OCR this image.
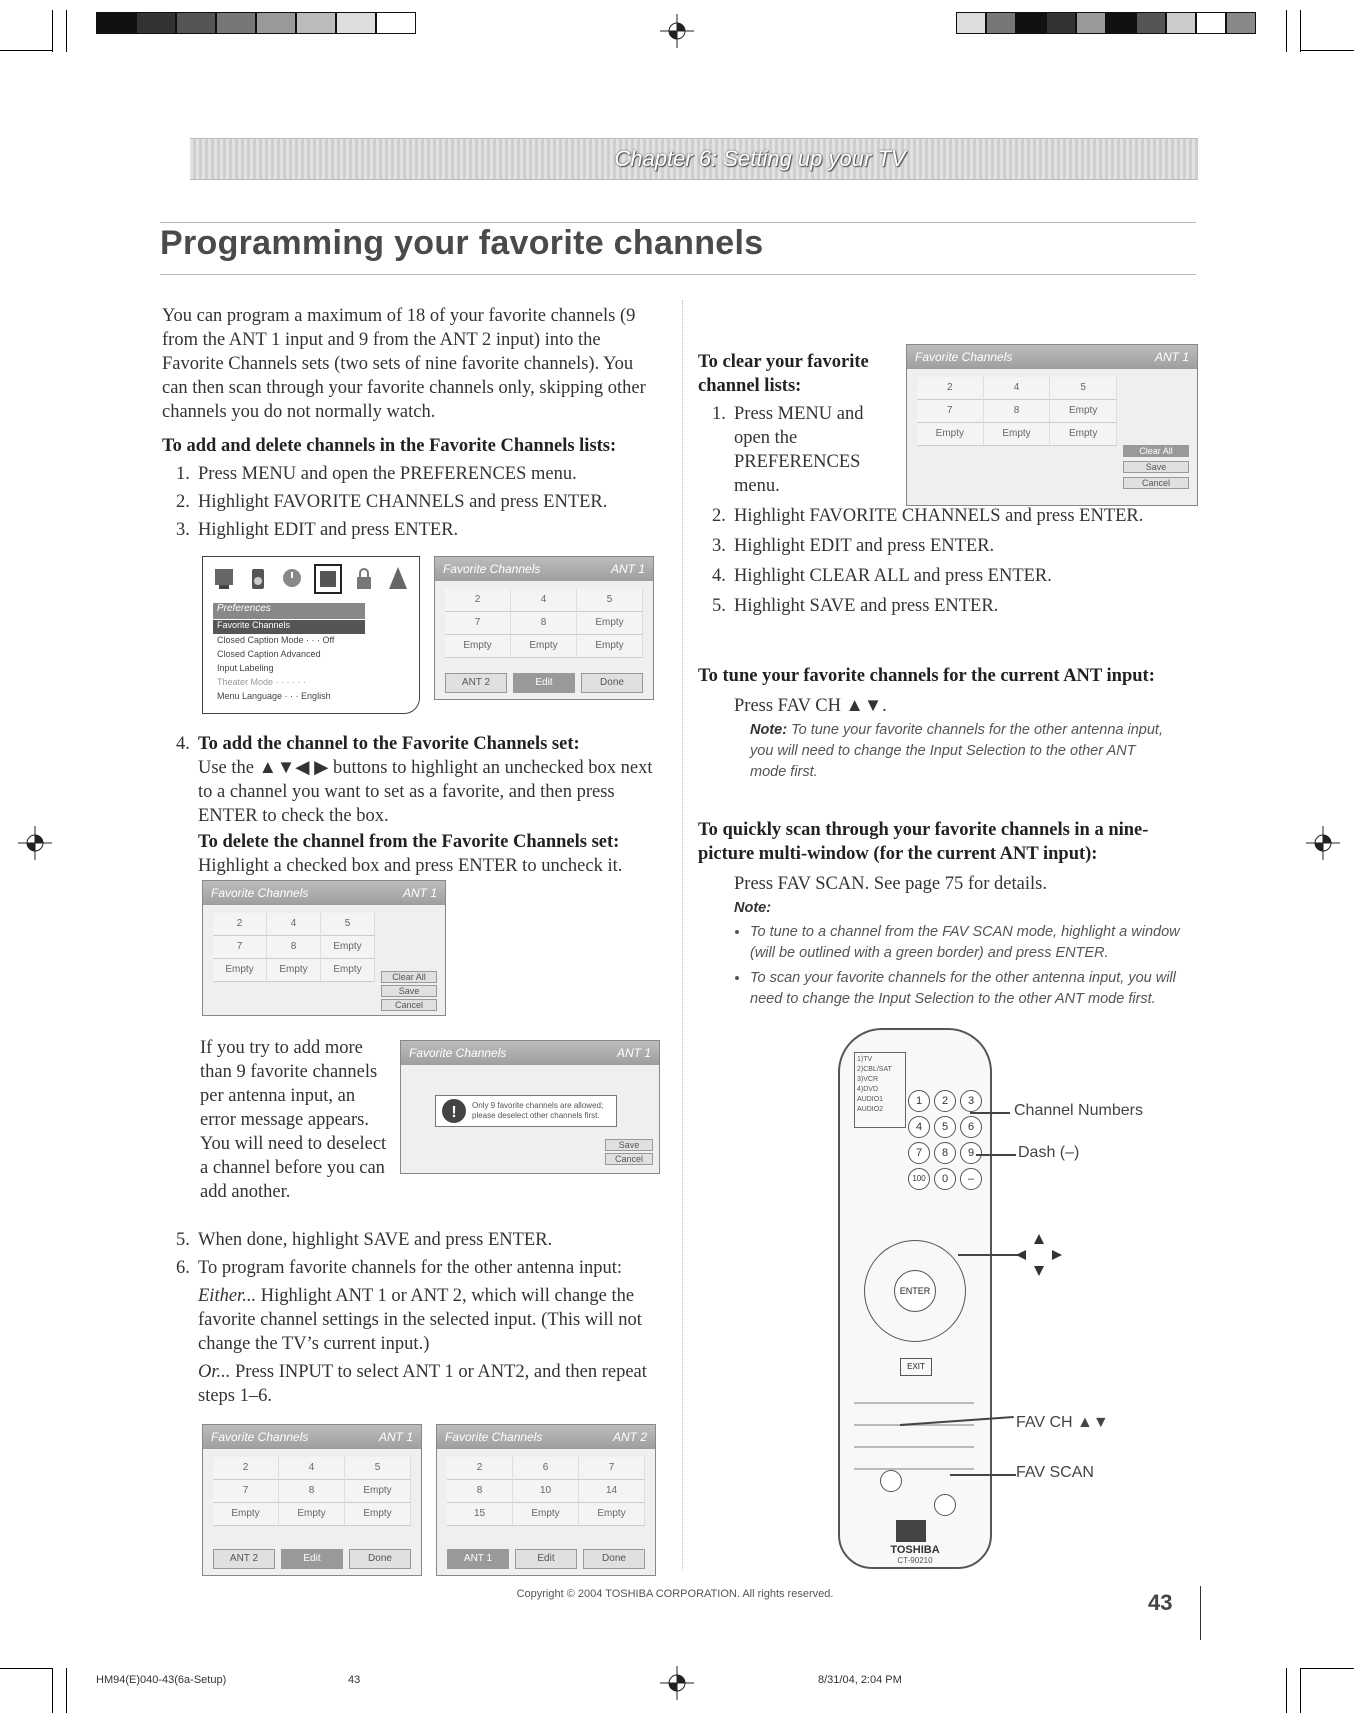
Chapter 6: Setting up your TV
Programming your favorite channels
You can program a maximum of 18 of your favorite channels (9 from the ANT 1 input and 9 from the ANT 2 input) into the Favorite Channels sets (two sets of nine favorite channels). You can then scan through your favorite channels only, skipping other channels you do not normally watch.
To add and delete channels in the Favorite Channels lists:
1. Press MENU and open the PREFERENCES menu.
2. Highlight FAVORITE CHANNELS and press ENTER.
3. Highlight EDIT and press ENTER.
Preferences
Favorite Channels
Closed Caption Mode · · · Off
Closed Caption Advanced
Input Labeling
Theater Mode · · · · · ·
Menu Language · · · English
Favorite Channels	ANT 1
2	4	5
7	8	Empty
Empty	Empty	Empty
ANT 2	Edit	Done
4. To add the channel to the Favorite Channels set:
Use the ▲▼◀ ▶ buttons to highlight an unchecked box next to a channel you want to set as a favorite, and then press ENTER to check the box.
To delete the channel from the Favorite Channels set:
Highlight a checked box and press ENTER to uncheck it.
Favorite Channels	ANT 1
2	4	5
7	8	Empty
Empty	Empty	Empty
Clear All
Save
Cancel
If you try to add more than 9 favorite channels per antenna input, an error message appears. You will need to deselect a channel before you can add another.
Favorite Channels	ANT 1
! Only 9 favorite channels are allowed; please deselect other channels first.
Save
Cancel
5. When done, highlight SAVE and press ENTER.
6. To program favorite channels for the other antenna input:
Either... Highlight ANT 1 or ANT 2, which will change the favorite channel settings in the selected input. (This will not change the TV’s current input.)
Or... Press INPUT to select ANT 1 or ANT2, and then repeat steps 1–6.
Favorite Channels	ANT 1
2	4	5
7	8	Empty
Empty	Empty	Empty
ANT 2	Edit	Done
Favorite Channels	ANT 2
2	6	7
8	10	14
15	Empty	Empty
ANT 1	Edit	Done
To clear your favorite channel lists:
Favorite Channels	ANT 1
2	4	5
7	8	Empty
Empty	Empty	Empty
Clear All
Save
Cancel
1. Press MENU and open the PREFERENCES menu.
2. Highlight FAVORITE CHANNELS and press ENTER.
3. Highlight EDIT and press ENTER.
4. Highlight CLEAR ALL and press ENTER.
5. Highlight SAVE and press ENTER.
To tune your favorite channels for the current ANT input:
Press FAV CH ▲▼.
Note: To tune your favorite channels for the other antenna input, you will need to change the Input Selection to the other ANT mode first.
To quickly scan through your favorite channels in a nine-picture multi-window (for the current ANT input):
Press FAV SCAN. See page 75 for details.
Note:
• To tune to a channel from the FAV SCAN mode, highlight a window (will be outlined with a green border) and press ENTER.
• To scan your favorite channels for the other antenna input, you will need to change the Input Selection to the other ANT mode first.
1)TV
2)CBL/SAT
3)VCR
4)DVD
AUDIO1
AUDIO2
1	2	3
4	5	6
7	8	9
100	0	–
ENTER
EXIT
TOSHIBA
CT-90210
Channel Numbers
Dash (–)
FAV CH ▲▼
FAV SCAN
Copyright © 2004 TOSHIBA CORPORATION. All rights reserved.	43
HM94(E)040-43(6a-Setup)	43	8/31/04, 2:04 PM
